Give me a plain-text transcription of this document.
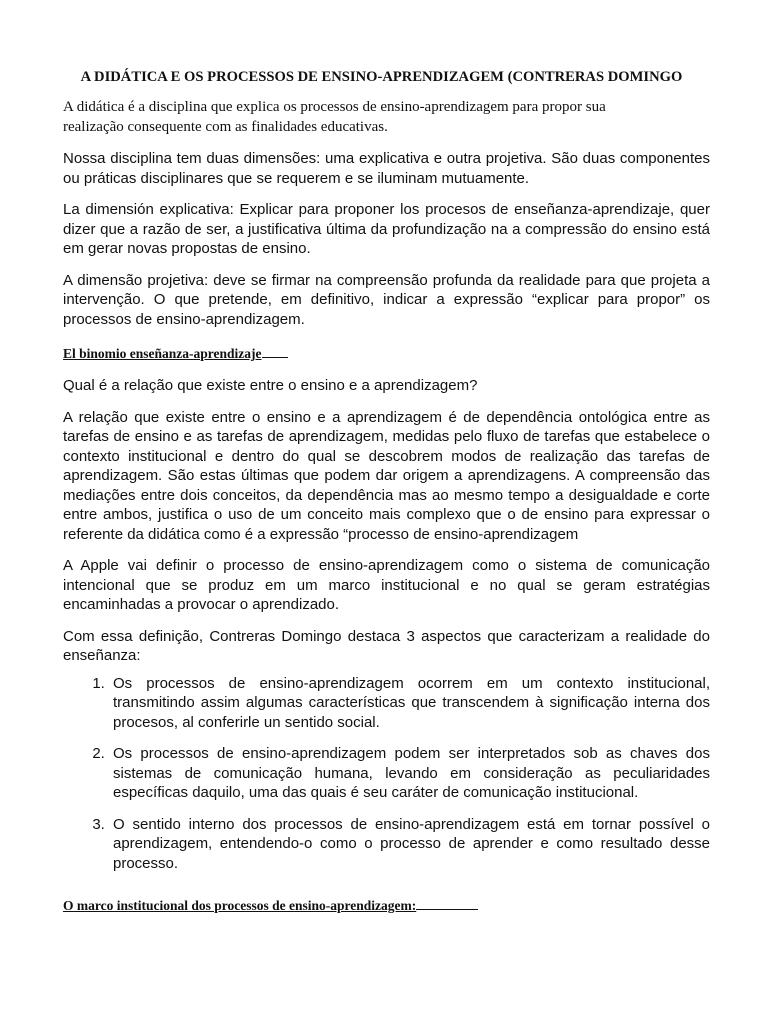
A DIDÁTICA E OS PROCESSOS DE ENSINO-APRENDIZAGEM (CONTRERAS DOMINGO

A didática é a disciplina que explica os processos de ensino-aprendizagem para propor sua realização consequente com as finalidades educativas.

Nossa disciplina tem duas dimensões: uma explicativa e outra projetiva. São duas componentes ou práticas disciplinares que se requerem e se iluminam mutuamente.

La dimensión explicativa: Explicar para proponer los procesos de enseñanza-aprendizaje, quer dizer que a razão de ser, a justificativa última da profundização na a compressão do ensino está em gerar novas propostas de ensino.

A dimensão projetiva: deve se firmar na compreensão profunda da realidade para que projeta a intervenção. O que pretende, em definitivo, indicar a expressão “explicar para propor” os processos de ensino-aprendizagem.

El binomio enseñanza-aprendizaje

Qual é a relação que existe entre o ensino e a aprendizagem?

A relação que existe entre o ensino e a aprendizagem é de dependência ontológica entre as tarefas de ensino e as tarefas de aprendizagem, medidas pelo fluxo de tarefas que estabelece o contexto institucional e dentro do qual se descobrem modos de realização das tarefas de aprendizagem. São estas últimas que podem dar origem a aprendizagens. A compreensão das mediações entre dois conceitos, da dependência mas ao mesmo tempo a desigualdade e corte entre ambos, justifica o uso de um conceito mais complexo que o de ensino para expressar o referente da didática como é a expressão “processo de ensino-aprendizagem

A Apple vai definir o processo de ensino-aprendizagem como o sistema de comunicação intencional que se produz em um marco institucional e no qual se geram estratégias encaminhadas a provocar o aprendizado.

Com essa definição, Contreras Domingo destaca 3 aspectos que caracterizam a realidade do enseñanza:

1. Os processos de ensino-aprendizagem ocorrem em um contexto institucional, transmitindo assim algumas características que transcendem à significação interna dos procesos, al conferirle un sentido social.
2. Os processos de ensino-aprendizagem podem ser interpretados sob as chaves dos sistemas de comunicação humana, levando em consideração as peculiaridades específicas daquilo, uma das quais é seu caráter de comunicação institucional.
3. O sentido interno dos processos de ensino-aprendizagem está em tornar possível o aprendizagem, entendendo-o como o processo de aprender e como resultado desse processo.

O marco institucional dos processos de ensino-aprendizagem:
